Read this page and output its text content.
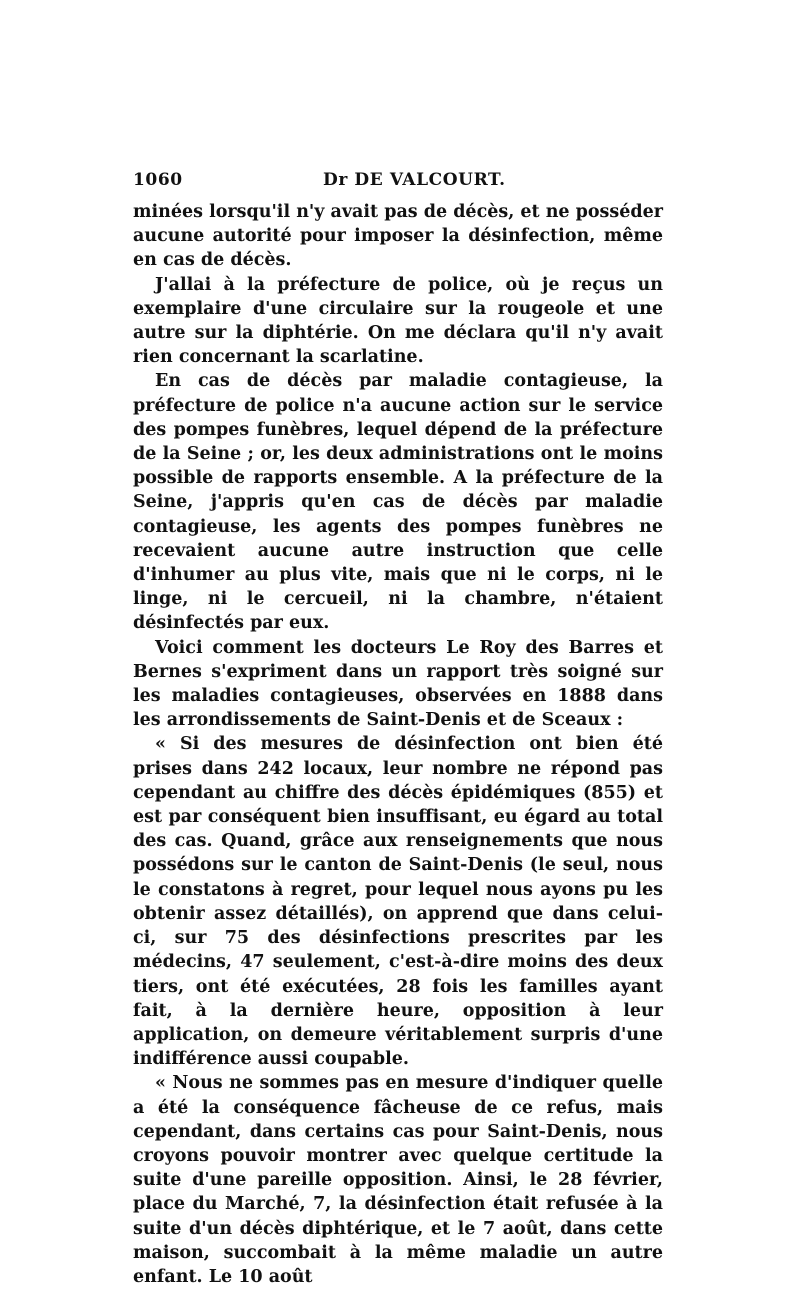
1060	Dr DE VALCOURT.

minées lorsqu'il n'y avait pas de décès, et ne posséder aucune autorité pour imposer la désinfection, même en cas de décès.

J'allai à la préfecture de police, où je reçus un exemplaire d'une circulaire sur la rougeole et une autre sur la diphtérie. On me déclara qu'il n'y avait rien concernant la scarlatine.

En cas de décès par maladie contagieuse, la préfecture de police n'a aucune action sur le service des pompes funèbres, lequel dépend de la préfecture de la Seine ; or, les deux administrations ont le moins possible de rapports ensemble. A la préfecture de la Seine, j'appris qu'en cas de décès par maladie contagieuse, les agents des pompes funèbres ne recevaient aucune autre instruction que celle d'inhumer au plus vite, mais que ni le corps, ni le linge, ni le cercueil, ni la chambre, n'étaient désinfectés par eux.

Voici comment les docteurs Le Roy des Barres et Bernes s'expriment dans un rapport très soigné sur les maladies contagieuses, observées en 1888 dans les arrondissements de Saint-Denis et de Sceaux :

« Si des mesures de désinfection ont bien été prises dans 242 locaux, leur nombre ne répond pas cependant au chiffre des décès épidémiques (855) et est par conséquent bien insuffisant, eu égard au total des cas. Quand, grâce aux renseignements que nous possédons sur le canton de Saint-Denis (le seul, nous le constatons à regret, pour lequel nous ayons pu les obtenir assez détaillés), on apprend que dans celui-ci, sur 75 des désinfections prescrites par les médecins, 47 seulement, c'est-à-dire moins des deux tiers, ont été exécutées, 28 fois les familles ayant fait, à la dernière heure, opposition à leur application, on demeure véritablement surpris d'une indifférence aussi coupable.

« Nous ne sommes pas en mesure d'indiquer quelle a été la conséquence fâcheuse de ce refus, mais cependant, dans certains cas pour Saint-Denis, nous croyons pouvoir montrer avec quelque certitude la suite d'une pareille opposition. Ainsi, le 28 février, place du Marché, 7, la désinfection était refusée à la suite d'un décès diphtérique, et le 7 août, dans cette maison, succombait à la même maladie un autre enfant. Le 10 août
